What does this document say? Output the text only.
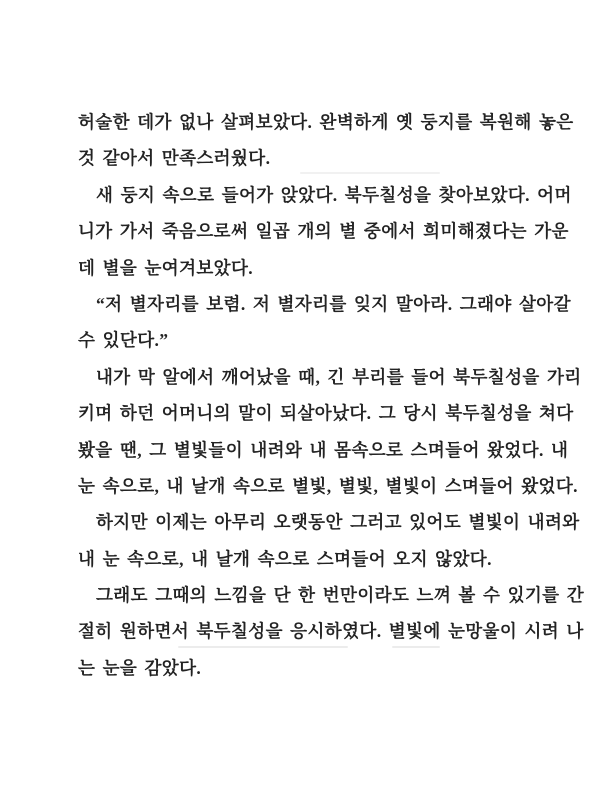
허술한 데가 없나 살펴보았다. 완벽하게 옛 둥지를 복원해 놓은

것 같아서 만족스러웠다.

새 둥지 속으로 들어가 앉았다. 북두칠성을 찾아보았다. 어머

니가 가서 죽음으로써 일곱 개의 별 중에서 희미해졌다는 가운

데 별을 눈여겨보았다.

“저 별자리를 보렴. 저 별자리를 잊지 말아라. 그래야 살아갈

수 있단다.”

내가 막 알에서 깨어났을 때, 긴 부리를 들어 북두칠성을 가리

키며 하던 어머니의 말이 되살아났다. 그 당시 북두칠성을 쳐다

봤을 땐, 그 별빛들이 내려와 내 몸속으로 스며들어 왔었다. 내

눈 속으로, 내 날개 속으로 별빛, 별빛, 별빛이 스며들어 왔었다.

하지만 이제는 아무리 오랫동안 그러고 있어도 별빛이 내려와

내 눈 속으로, 내 날개 속으로 스며들어 오지 않았다.

그래도 그때의 느낌을 단 한 번만이라도 느껴 볼 수 있기를 간

절히 원하면서 북두칠성을 응시하였다. 별빛에 눈망울이 시려 나

는 눈을 감았다.
